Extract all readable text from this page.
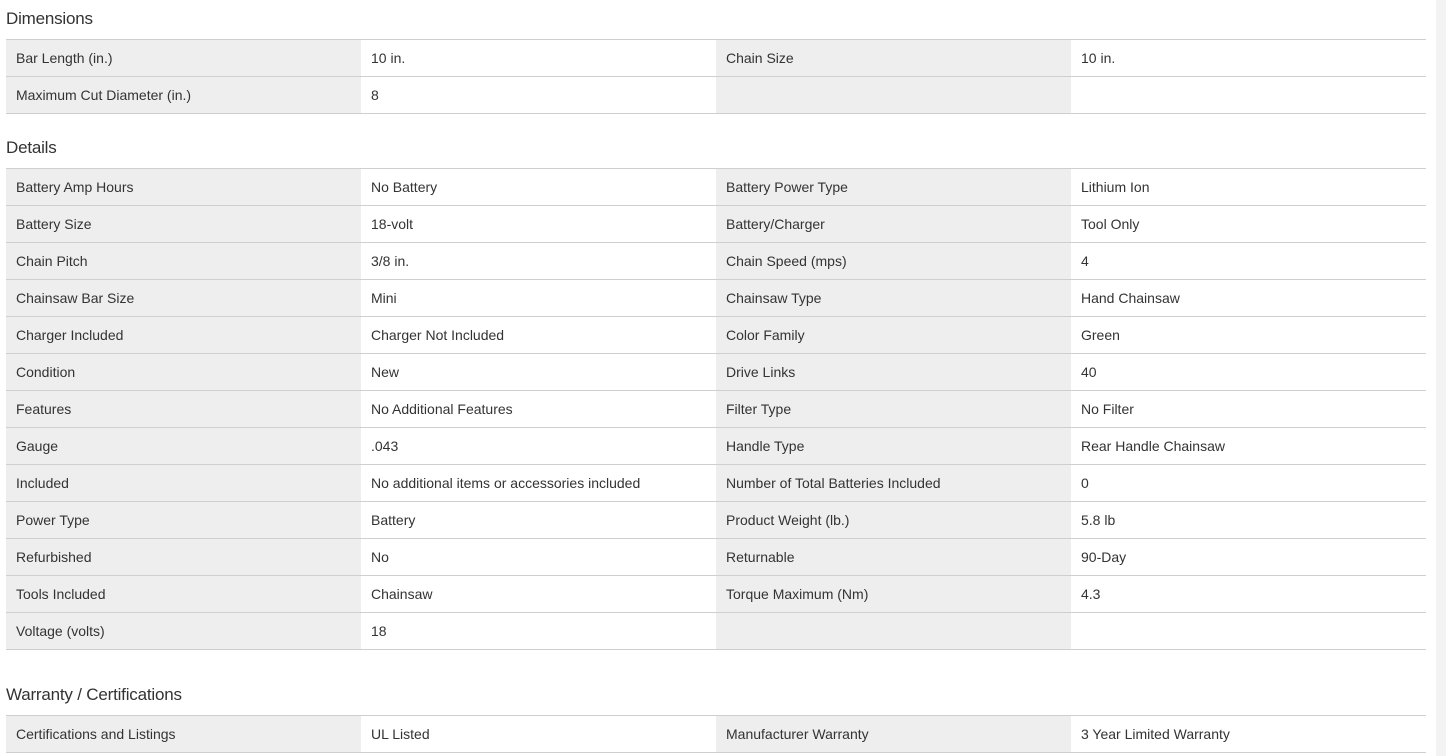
Dimensions
Bar Length (in.)	10 in.	Chain Size	10 in.
Maximum Cut Diameter (in.)	8		
Details
Battery Amp Hours	No Battery	Battery Power Type	Lithium Ion
Battery Size	18-volt	Battery/Charger	Tool Only
Chain Pitch	3/8 in.	Chain Speed (mps)	4
Chainsaw Bar Size	Mini	Chainsaw Type	Hand Chainsaw
Charger Included	Charger Not Included	Color Family	Green
Condition	New	Drive Links	40
Features	No Additional Features	Filter Type	No Filter
Gauge	.043	Handle Type	Rear Handle Chainsaw
Included	No additional items or accessories included	Number of Total Batteries Included	0
Power Type	Battery	Product Weight (lb.)	5.8 lb
Refurbished	No	Returnable	90-Day
Tools Included	Chainsaw	Torque Maximum (Nm)	4.3
Voltage (volts)	18		
Warranty / Certifications
Certifications and Listings	UL Listed	Manufacturer Warranty	3 Year Limited Warranty
